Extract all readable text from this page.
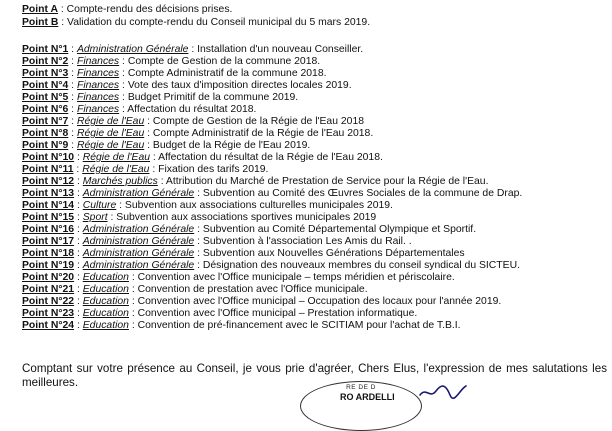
Point A : Compte-rendu des décisions prises.
Point B : Validation du compte-rendu du Conseil municipal du 5 mars 2019.
Point N°1 : Administration Générale : Installation d'un nouveau Conseiller.
Point N°2 : Finances : Compte de Gestion de la commune 2018.
Point N°3 : Finances : Compte Administratif de la commune 2018.
Point N°4 : Finances : Vote des taux d'imposition directes locales 2019.
Point N°5 : Finances : Budget Primitif de la commune 2019.
Point N°6 : Finances : Affectation du résultat 2018.
Point N°7 : Régie de l'Eau : Compte de Gestion de la Régie de l'Eau 2018
Point N°8 : Régie de l'Eau : Compte Administratif de la Régie de l'Eau 2018.
Point N°9 : Régie de l'Eau : Budget de la Régie de l'Eau 2019.
Point N°10 : Régie de l'Eau : Affectation du résultat de la Régie de l'Eau 2018.
Point N°11 : Régie de l'Eau : Fixation des tarifs 2019.
Point N°12 : Marchés publics : Attribution du Marché de Prestation de Service pour la Régie de l'Eau.
Point N°13 : Administration Générale : Subvention au Comité des Œuvres Sociales de la commune de Drap.
Point N°14 : Culture : Subvention aux associations culturelles municipales 2019.
Point N°15 : Sport : Subvention aux associations sportives municipales 2019
Point N°16 : Administration Générale : Subvention au Comité Départemental Olympique et Sportif.
Point N°17 : Administration Générale : Subvention à l'association Les Amis du Rail. .
Point N°18 : Administration Générale : Subvention aux Nouvelles Générations Départementales
Point N°19 : Administration Générale : Désignation des nouveaux membres du conseil syndical du SICTEU.
Point N°20 : Education : Convention avec l'Office municipale – temps méridien et périscolaire.
Point N°21 : Education : Convention de prestation avec l'Office municipale.
Point N°22 : Education : Convention avec l'Office municipal – Occupation des locaux pour l'année 2019.
Point N°23 : Education : Convention avec l'Office municipal – Prestation informatique.
Point N°24 : Education : Convention de pré-financement avec le SCITIAM pour l'achat de T.B.I.
Comptant sur votre présence au Conseil, je vous prie d'agréer, Chers Elus, l'expression de mes salutations les meilleures.	RE DE D
RO ARDELLI
